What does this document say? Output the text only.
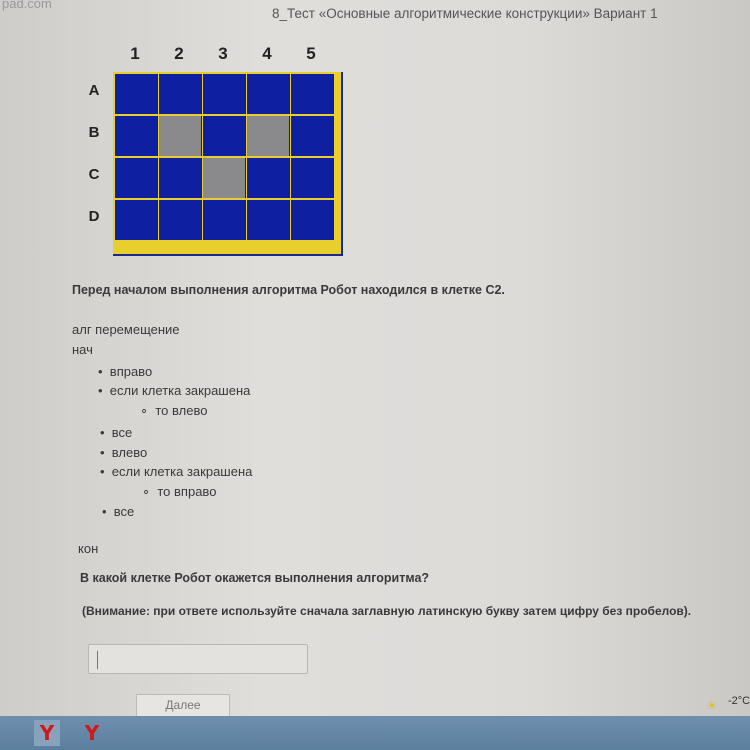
pad.com
8_Тест «Основные алгоритмические конструкции» Вариант 1
1	2	3	4	5
A
B
C
D
Перед началом выполнения алгоритма Робот находился в клетке С2.
алг перемещение
нач
•  вправо
•  если клетка закрашена
∘  то влево
•  все
•  влево
•  если клетка закрашена
∘  то вправо
•  все
кон
В какой клетке Робот окажется выполнения алгоритма?
(Внимание: при ответе используйте сначала заглавную латинскую букву затем цифру без пробелов).
Далее	☀ -2°C
Y Y
